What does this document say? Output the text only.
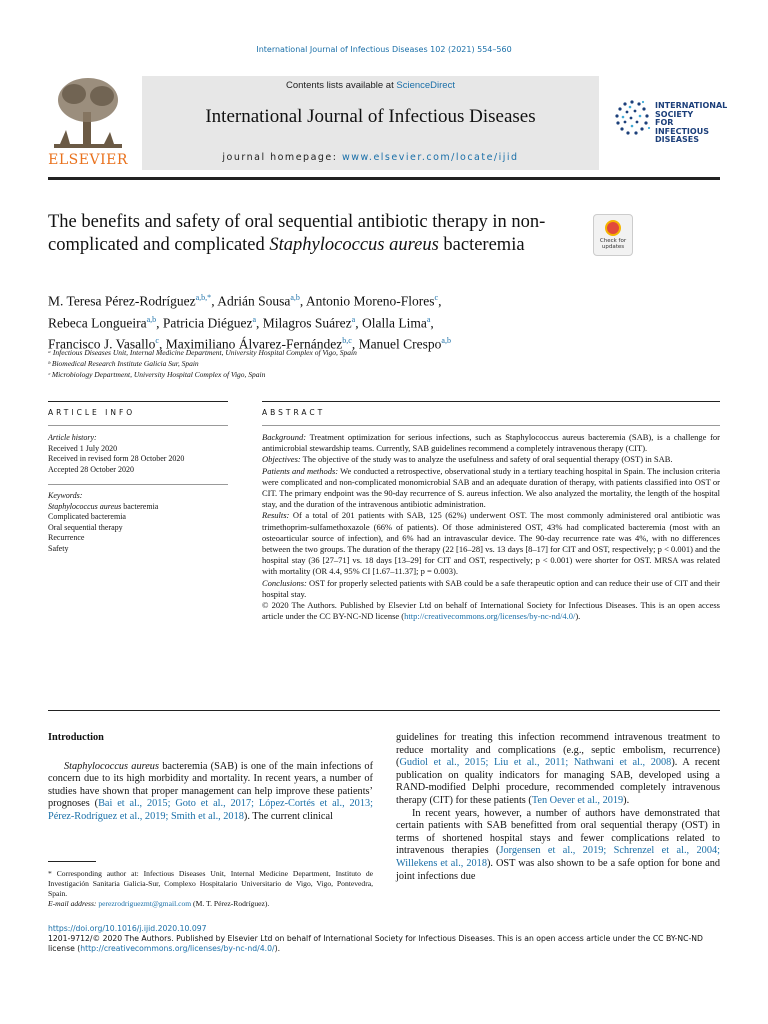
International Journal of Infectious Diseases 102 (2021) 554–560
ELSEVIER
Contents lists available at ScienceDirect
International Journal of Infectious Diseases
journal homepage: www.elsevier.com/locate/ijid
INTERNATIONAL
SOCIETY
FOR INFECTIOUS
DISEASES
The benefits and safety of oral sequential antibiotic therapy in non-complicated and complicated Staphylococcus aureus bacteremia	Check for updates
M. Teresa Pérez-Rodríguez$^{a,b,*}$, Adrián Sousa$^{a,b}$, Antonio Moreno-Flores$^c$,
Rebeca Longueira$^{a,b}$, Patricia Diéguez$^a$, Milagros Suárez$^a$, Olalla Lima$^a$,
Francisco J. Vasallo$^c$, Maximiliano Álvarez-Fernández$^{b,c}$, Manuel Crespo$^{a,b}$
ᵃ Infectious Diseases Unit, Internal Medicine Department, University Hospital Complex of Vigo, Spain
ᵇ Biomedical Research Institute Galicia Sur, Spain
ᶜ Microbiology Department, University Hospital Complex of Vigo, Spain
ARTICLE INFO	ABSTRACT
Article history:
Received 1 July 2020
Received in revised form 28 October 2020
Accepted 28 October 2020
Keywords:
Staphylococcus aureus bacteremia
Complicated bacteremia
Oral sequential therapy
Recurrence
Safety

Background: Treatment optimization for serious infections, such as Staphylococcus aureus bacteremia (SAB), is a challenge for antimicrobial stewardship teams. Currently, SAB guidelines recommend a completely intravenous therapy (CIT).

Objectives: The objective of the study was to analyze the usefulness and safety of oral sequential therapy (OST) in SAB.

Patients and methods: We conducted a retrospective, observational study in a tertiary teaching hospital in Spain. The inclusion criteria were complicated and non-complicated monomicrobial SAB and an adequate duration of therapy, with patients classified into OST or CIT. The primary endpoint was the 90-day recurrence of S. aureus infection. We also analyzed the mortality, the length of the hospital stay, and the duration of the intravenous antibiotic administration.

Results: Of a total of 201 patients with SAB, 125 (62%) underwent OST. The most commonly administered oral antibiotic was trimethoprim-sulfamethoxazole (66% of patients). Of those administered OST, 43% had complicated bacteremia (most with an osteoarticular source of infection), and 6% had an intravascular device. The 90-day recurrence rate was 4%, with no differences between the two groups. The duration of the therapy (22 [16–28] vs. 13 days [8–17] for CIT and OST, respectively; p < 0.001) and the hospital stay (36 [27–71] vs. 18 days [13–29] for CIT and OST, respectively; p < 0.001) were shorter for OST. MRSA was related with mortality (OR 4.4, 95% CI [1.67–11.37]; p = 0.003).

Conclusions: OST for properly selected patients with SAB could be a safe therapeutic option and can reduce their use of CIT and their hospital stay.

© 2020 The Authors. Published by Elsevier Ltd on behalf of International Society for Infectious Diseases. This is an open access article under the CC BY-NC-ND license (http://creativecommons.org/licenses/by-nc-nd/4.0/).

Introduction

Staphylococcus aureus bacteremia (SAB) is one of the main infections of concern due to its high morbidity and mortality. In recent years, a number of studies have shown that proper management can help improve these patients’ prognoses (Bai et al., 2015; Goto et al., 2017; López-Cortés et al., 2013; Pérez-Rodríguez et al., 2019; Smith et al., 2018). The current clinical

guidelines for treating this infection recommend intravenous treatment to reduce mortality and complications (e.g., septic embolism, recurrence) (Gudiol et al., 2015; Liu et al., 2011; Nathwani et al., 2008). A recent publication on quality indicators for managing SAB, developed using a RAND-modified Delphi procedure, recommended completely intravenous therapy (CIT) for these patients (Ten Oever et al., 2019).

In recent years, however, a number of authors have demonstrated that certain patients with SAB benefitted from oral sequential therapy (OST) in terms of shortened hospital stays and fewer complications related to intravenous therapies (Jorgensen et al., 2019; Schrenzel et al., 2004; Willekens et al., 2018). OST was also shown to be a safe option for bone and joint infections due

* Corresponding author at: Infectious Diseases Unit, Internal Medicine Department, Instituto de Investigación Sanitaria Galicia-Sur, Complexo Hospitalario Universitario de Vigo, Vigo, Pontevedra, Spain.
E-mail address: perezrodriguezmt@gmail.com (M. T. Pérez-Rodríguez).
https://doi.org/10.1016/j.ijid.2020.10.097
1201-9712/© 2020 The Authors. Published by Elsevier Ltd on behalf of International Society for Infectious Diseases. This is an open access article under the CC BY-NC-ND license (http://creativecommons.org/licenses/by-nc-nd/4.0/).
